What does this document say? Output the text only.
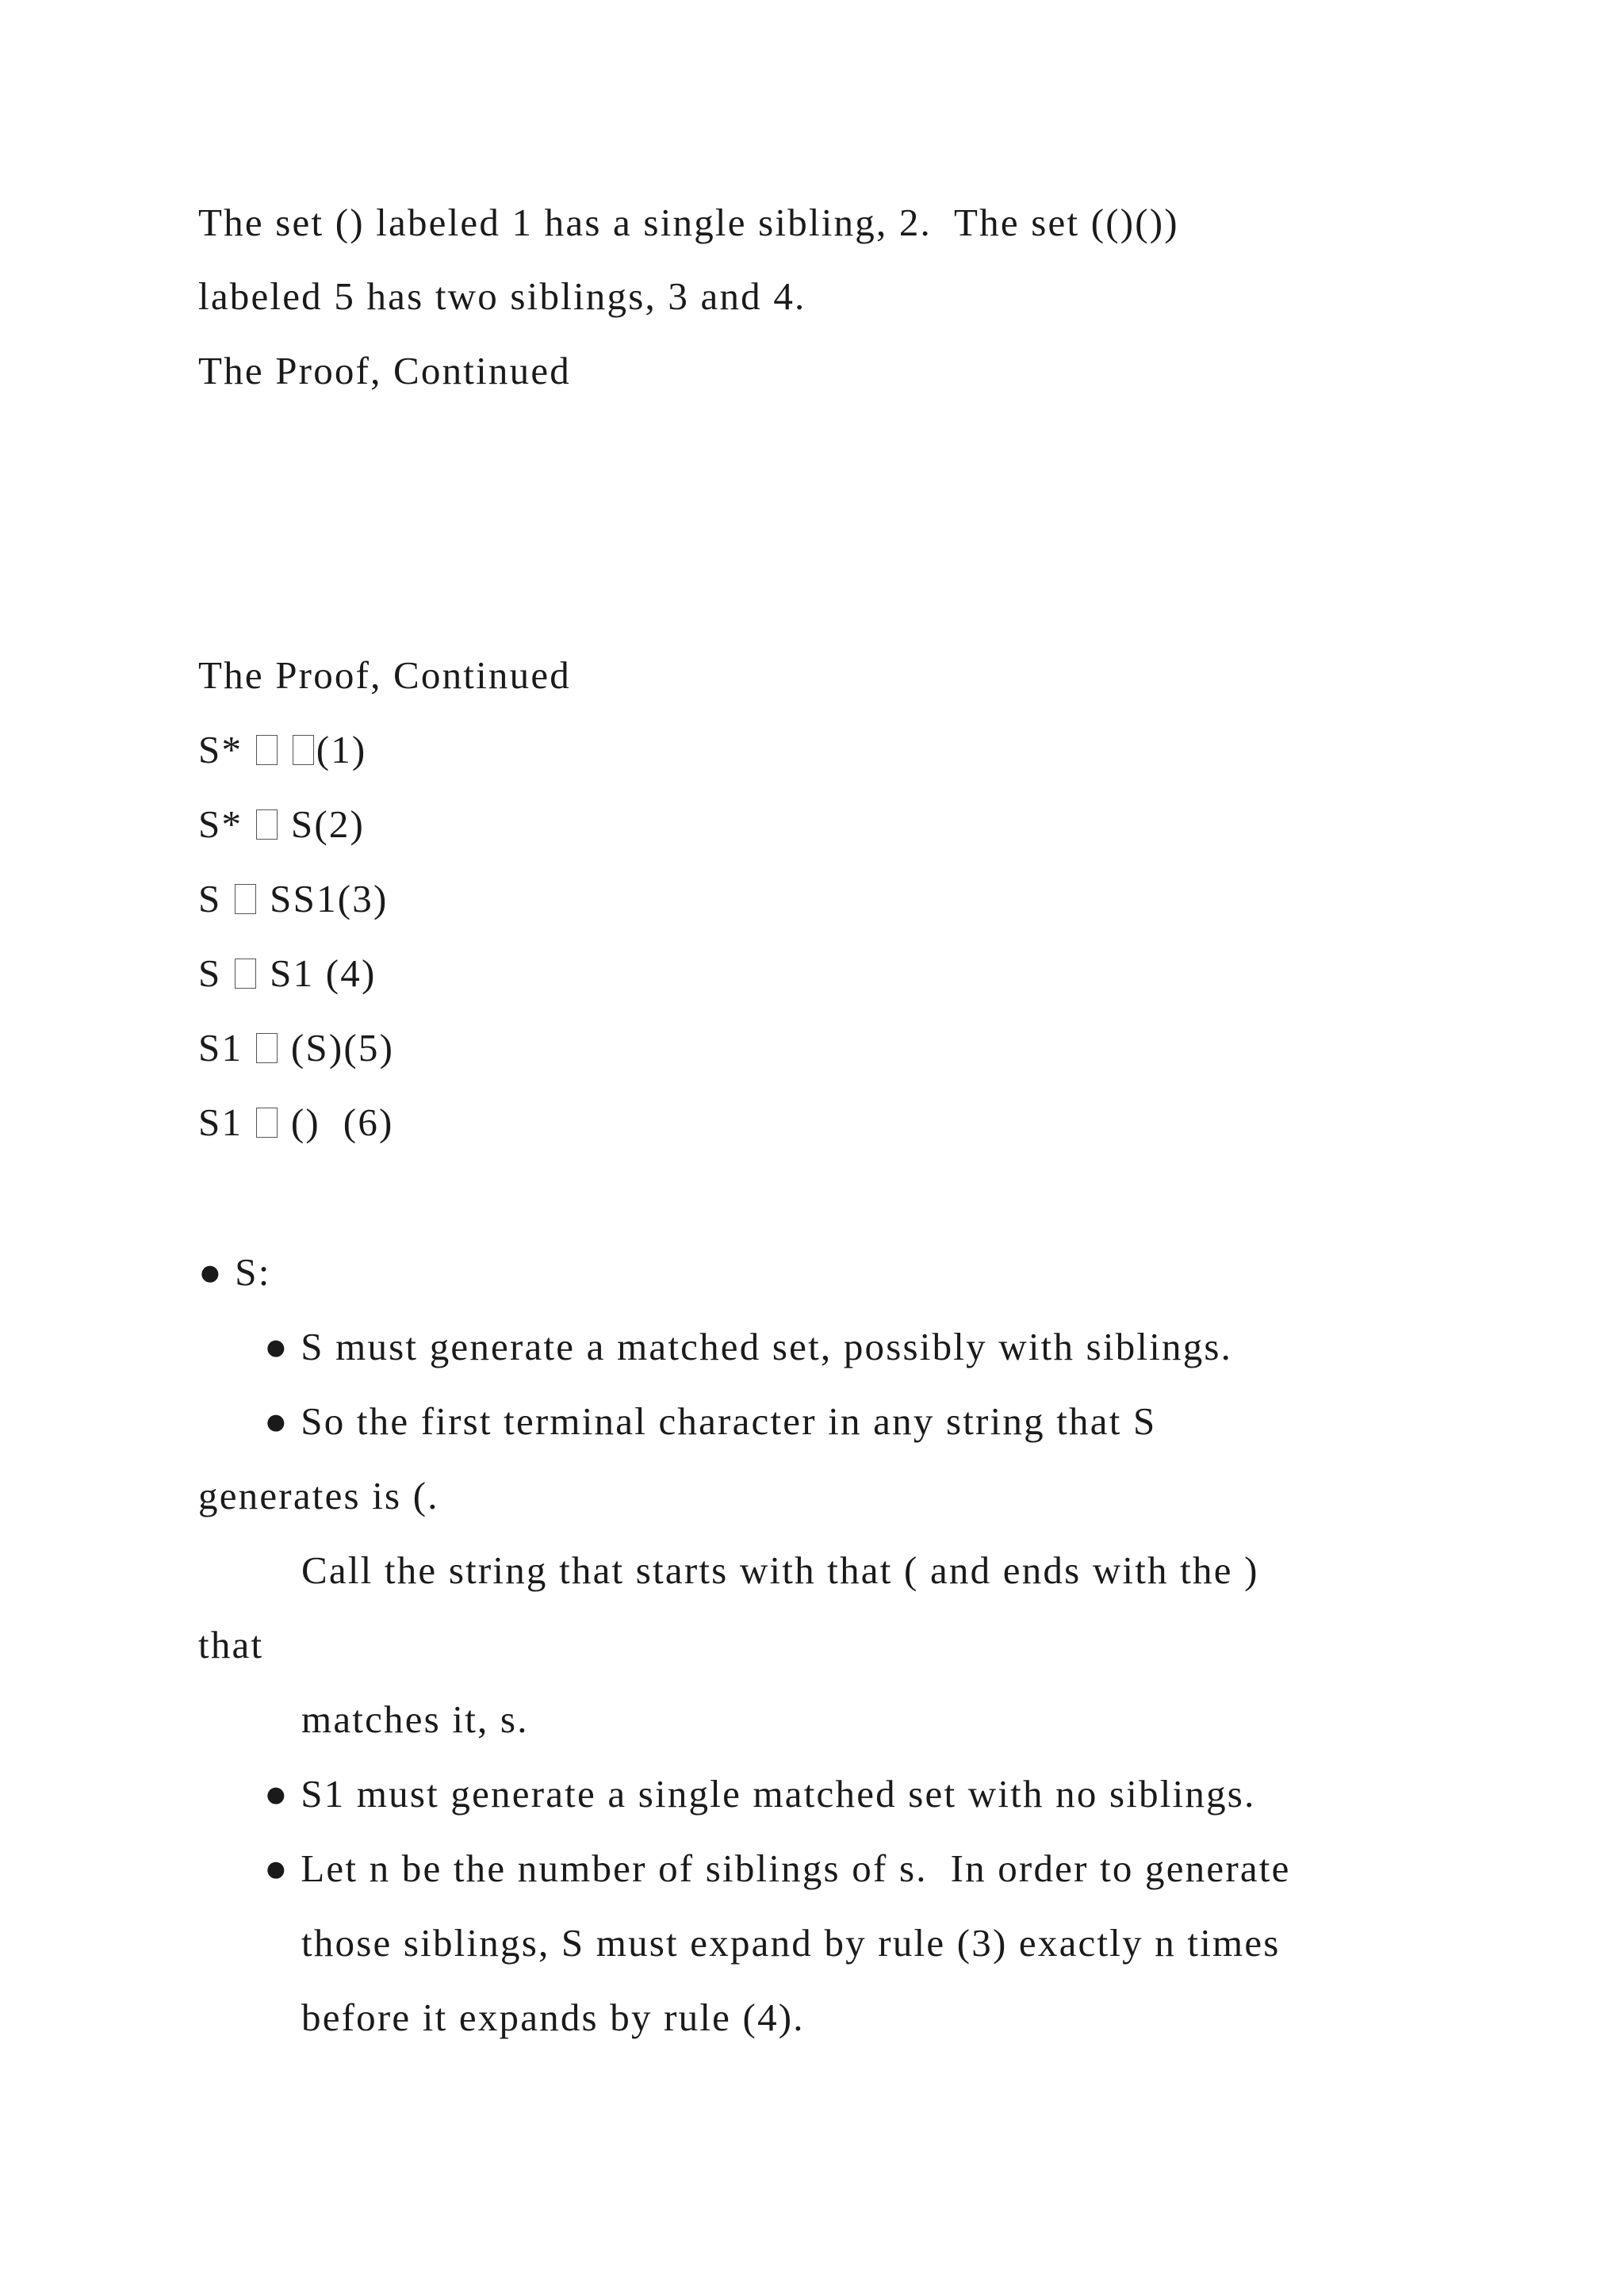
The set () labeled 1 has a single sibling, 2.  The set (()())
labeled 5 has two siblings, 3 and 4.
The Proof, Continued
The Proof, Continued
S*  (1)
S*  S(2)
S  SS1(3)
S  S1 (4)
S1  (S)(5)
S1  ()  (6)
● S:
● S must generate a matched set, possibly with siblings.
● So the first terminal character in any string that S
generates is (.
Call the string that starts with that ( and ends with the )
that
matches it, s.
● S1 must generate a single matched set with no siblings.
● Let n be the number of siblings of s.  In order to generate
those siblings, S must expand by rule (3) exactly n times
before it expands by rule (4).
